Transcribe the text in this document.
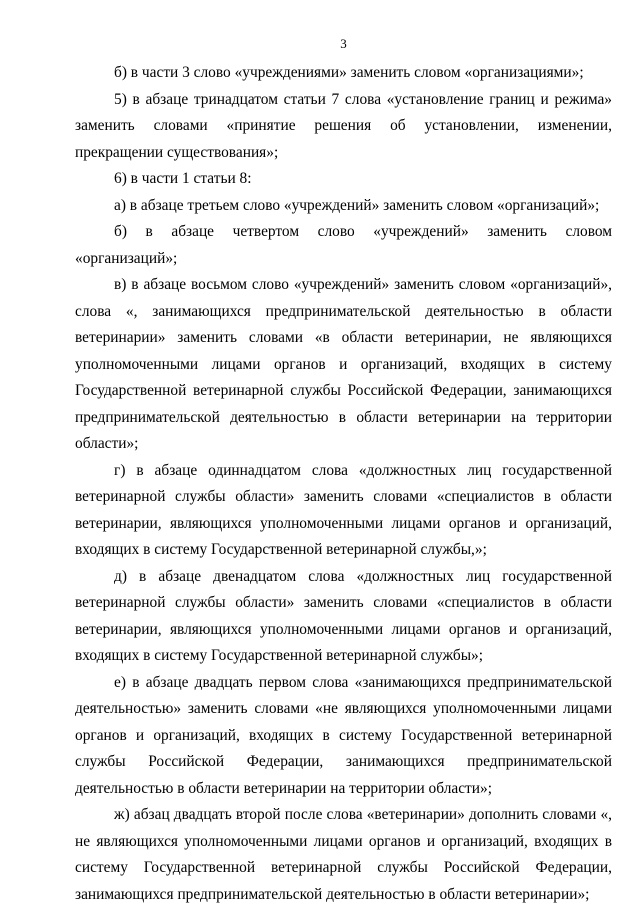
3

б) в части 3 слово «учреждениями» заменить словом «организациями»;

5) в абзаце тринадцатом статьи 7 слова «установление границ и режима» заменить словами «принятие решения об установлении, изменении, прекращении существования»;

6) в части 1 статьи 8:

а) в абзаце третьем слово «учреждений» заменить словом «организаций»;

б) в абзаце четвертом слово «учреждений» заменить словом «организаций»;

в) в абзаце восьмом слово «учреждений» заменить словом «организаций», слова «, занимающихся предпринимательской деятельностью в области ветеринарии» заменить словами «в области ветеринарии, не являющихся уполномоченными лицами органов и организаций, входящих в систему Государственной ветеринарной службы Российской Федерации, занимающихся предпринимательской деятельностью в области ветеринарии на территории области»;

г) в абзаце одиннадцатом слова «должностных лиц государственной ветеринарной службы области» заменить словами «специалистов в области ветеринарии, являющихся уполномоченными лицами органов и организаций, входящих в систему Государственной ветеринарной службы,»;

д) в абзаце двенадцатом слова «должностных лиц государственной ветеринарной службы области» заменить словами «специалистов в области ветеринарии, являющихся уполномоченными лицами органов и организаций, входящих в систему Государственной ветеринарной службы»;

е) в абзаце двадцать первом слова «занимающихся предпринимательской деятельностью» заменить словами «не являющихся уполномоченными лицами органов и организаций, входящих в систему Государственной ветеринарной службы Российской Федерации, занимающихся предпринимательской деятельностью в области ветеринарии на территории области»;

ж) абзац двадцать второй после слова «ветеринарии» дополнить словами «, не являющихся уполномоченными лицами органов и организаций, входящих в систему Государственной ветеринарной службы Российской Федерации, занимающихся предпринимательской деятельностью в области ветеринарии»;
